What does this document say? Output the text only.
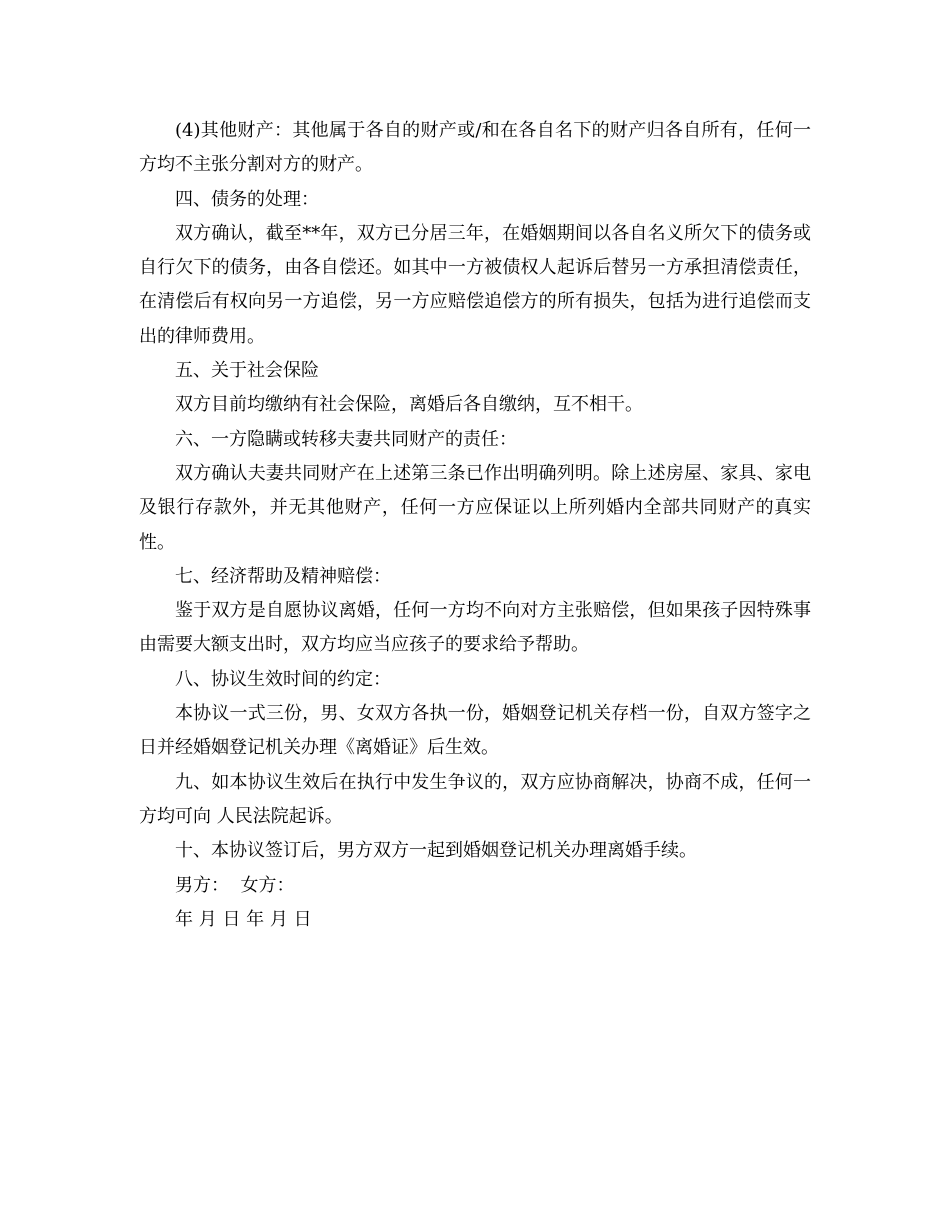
(4)其他财产：其他属于各自的财产或/和在各自名下的财产归各自所有，任何一方均不主张分割对方的财产。

四、债务的处理：

双方确认，截至**年，双方已分居三年，在婚姻期间以各自名义所欠下的债务或自行欠下的债务，由各自偿还。如其中一方被债权人起诉后替另一方承担清偿责任，在清偿后有权向另一方追偿，另一方应赔偿追偿方的所有损失，包括为进行追偿而支出的律师费用。

五、关于社会保险

双方目前均缴纳有社会保险，离婚后各自缴纳，互不相干。

六、一方隐瞒或转移夫妻共同财产的责任：

双方确认夫妻共同财产在上述第三条已作出明确列明。除上述房屋、家具、家电及银行存款外，并无其他财产，任何一方应保证以上所列婚内全部共同财产的真实性。

七、经济帮助及精神赔偿：

鉴于双方是自愿协议离婚，任何一方均不向对方主张赔偿，但如果孩子因特殊事由需要大额支出时，双方均应当应孩子的要求给予帮助。

八、协议生效时间的约定：

本协议一式三份，男、女双方各执一份，婚姻登记机关存档一份，自双方签字之日并经婚姻登记机关办理《离婚证》后生效。

九、如本协议生效后在执行中发生争议的，双方应协商解决，协商不成，任何一方均可向 人民法院起诉。

十、本协议签订后，男方双方一起到婚姻登记机关办理离婚手续。

男方：  女方：

年 月 日 年 月 日
